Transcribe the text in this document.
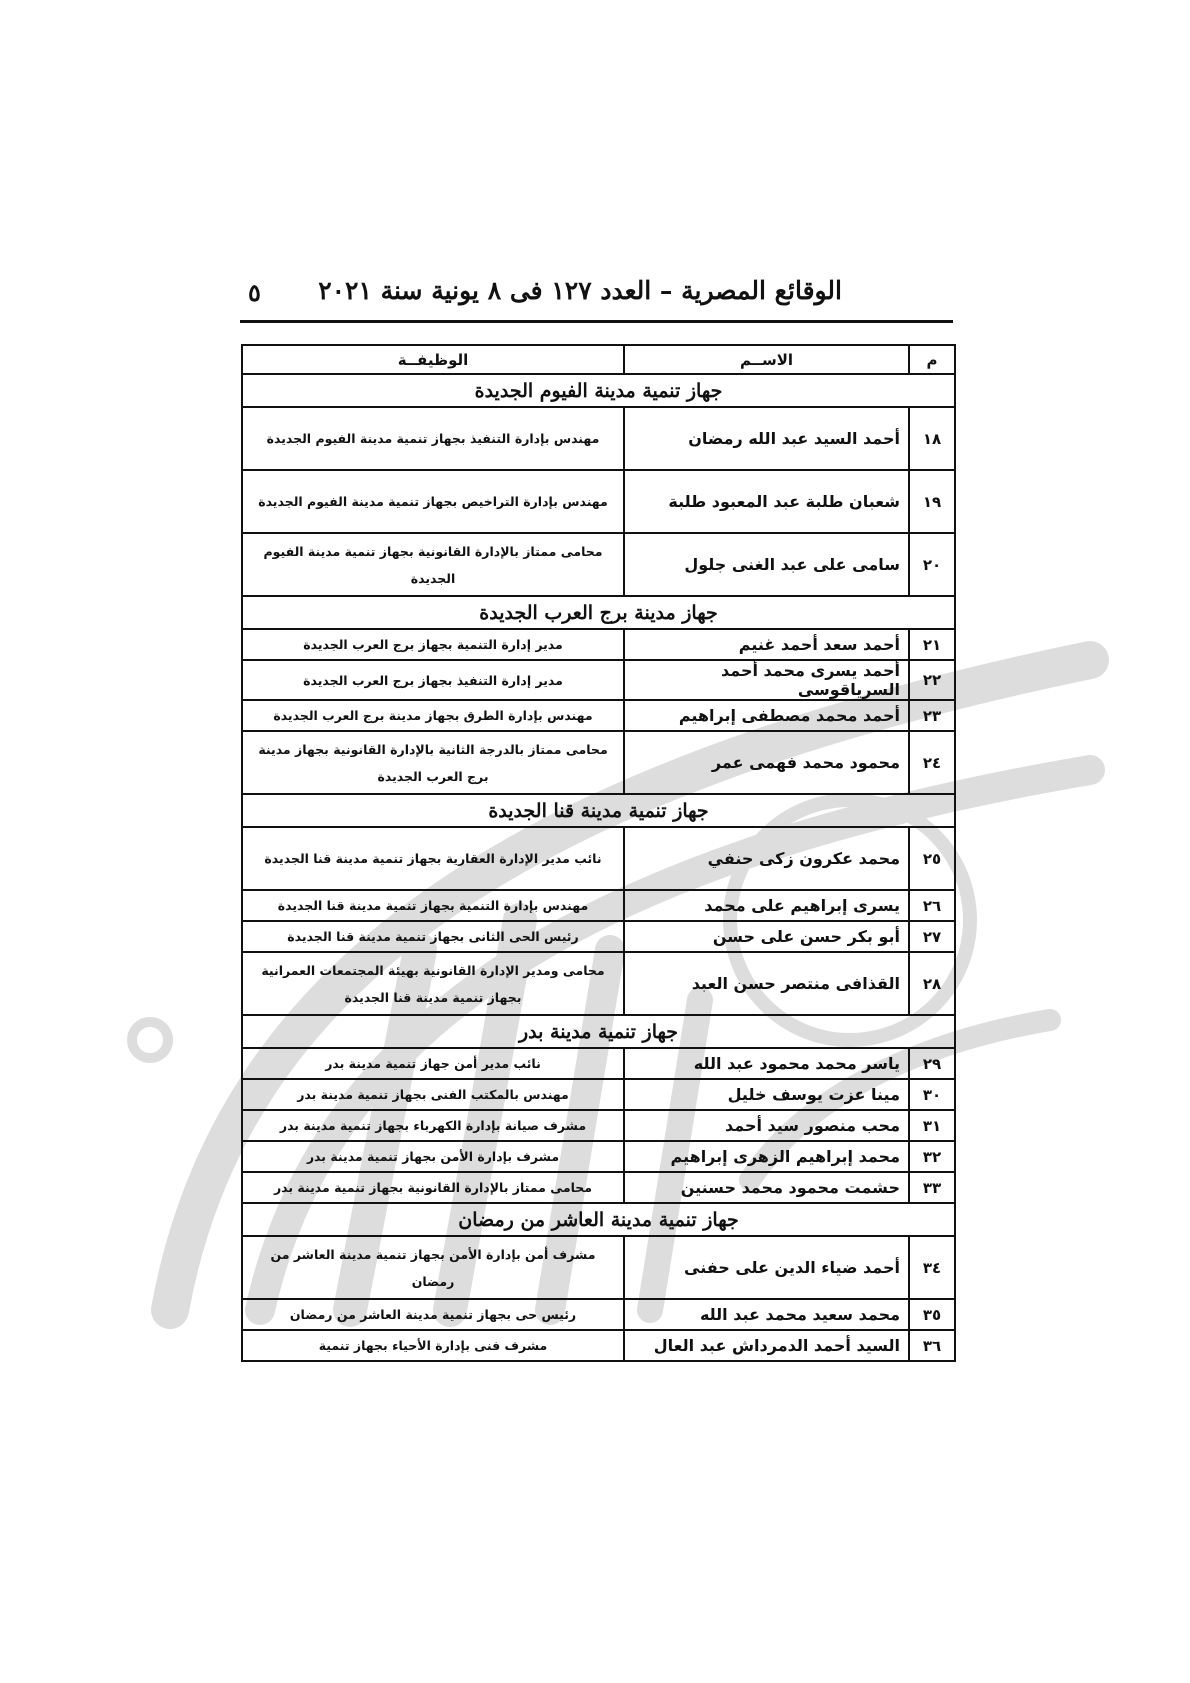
الوقائع المصرية – العدد ١٢٧ فى ٨ يونية سنة ٢٠٢١
٥
م	الاســم	الوظيفــة
جهاز تنمية مدينة الفيوم الجديدة		
١٨	أحمد السيد عبد الله رمضان	مهندس بإدارة التنفيذ بجهاز تنمية مدينة الفيوم الجديدة
١٩	شعبان طلبة عبد المعبود طلبة	مهندس بإدارة التراخيص بجهاز تنمية مدينة الفيوم الجديدة
٢٠	سامى على عبد الغنى جلول	محامى ممتاز بالإدارة القانونية بجهاز تنمية مدينة الفيوم الجديدة
جهاز مدينة برج العرب الجديدة		
٢١	أحمد سعد أحمد غنيم	مدير إدارة التنمية بجهاز برج العرب الجديدة
٢٢	أحمد يسرى محمد أحمد السرياقوسى	مدير إدارة التنفيذ بجهاز برج العرب الجديدة
٢٣	أحمد محمد مصطفى إبراهيم	مهندس بإدارة الطرق بجهاز مدينة برج العرب الجديدة
٢٤	محمود محمد فهمى عمر	محامى ممتاز بالدرجة الثانية بالإدارة القانونية بجهاز مدينة برج العرب الجديدة
جهاز تنمية مدينة قنا الجديدة		
٢٥	محمد عكرون زكى حنفي	نائب مدير الإدارة العقارية بجهاز تنمية مدينة قنا الجديدة
٢٦	يسرى إبراهيم على محمد	مهندس بإدارة التنمية بجهاز تنمية مدينة قنا الجديدة
٢٧	أبو بكر حسن على حسن	رئيس الحى الثانى بجهاز تنمية مدينة قنا الجديدة
٢٨	القذافى منتصر حسن العبد	محامى ومدير الإدارة القانونية بهيئة المجتمعات العمرانية بجهاز تنمية مدينة قنا الجديدة
جهاز تنمية مدينة بدر		
٢٩	ياسر محمد محمود عبد الله	نائب مدير أمن جهاز تنمية مدينة بدر
٣٠	مينا عزت يوسف خليل	مهندس بالمكتب الفنى بجهاز تنمية مدينة بدر
٣١	محب منصور سيد أحمد	مشرف صيانة بإدارة الكهرباء بجهاز تنمية مدينة بدر
٣٢	محمد إبراهيم الزهرى إبراهيم	مشرف بإدارة الأمن بجهاز تنمية مدينة بدر
٣٣	حشمت محمود محمد حسنين	محامى ممتاز بالإدارة القانونية بجهاز تنمية مدينة بدر
جهاز تنمية مدينة العاشر من رمضان		
٣٤	أحمد ضياء الدين على حفنى	مشرف أمن بإدارة الأمن بجهاز تنمية مدينة العاشر من رمضان
٣٥	محمد سعيد محمد عبد الله	رئيس حى بجهاز تنمية مدينة العاشر من رمضان
٣٦	السيد أحمد الدمرداش عبد العال	مشرف فنى بإدارة الأحياء بجهاز تنمية
